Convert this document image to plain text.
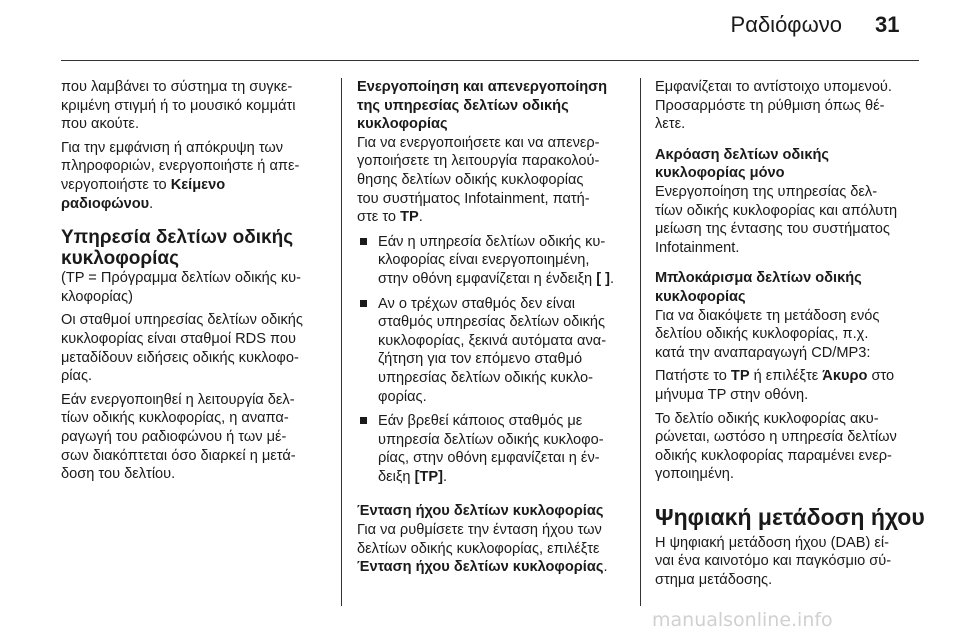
Ραδιόφωνο 31

που λαμβάνει το σύστημα τη συγκε-
κριμένη στιγμή ή το μουσικό κομμάτι
που ακούτε.

Για την εμφάνιση ή απόκρυψη των
πληροφοριών, ενεργοποιήστε ή απε-
νεργοποιήστε το Κείμενο
ραδιοφώνου.

Υπηρεσία δελτίων οδικής
κυκλοφορίας

(TP = Πρόγραμμα δελτίων οδικής κυ-
κλοφορίας)

Οι σταθμοί υπηρεσίας δελτίων οδικής
κυκλοφορίας είναι σταθμοί RDS που
μεταδίδουν ειδήσεις οδικής κυκλοφο-
ρίας.

Εάν ενεργοποιηθεί η λειτουργία δελ-
τίων οδικής κυκλοφορίας, η αναπα-
ραγωγή του ραδιοφώνου ή των μέ-
σων διακόπτεται όσο διαρκεί η μετά-
δοση του δελτίου.

Ενεργοποίηση και απενεργοποίηση
της υπηρεσίας δελτίων οδικής
κυκλοφορίας

Για να ενεργοποιήσετε και να απενερ-
γοποιήσετε τη λειτουργία παρακολού-
θησης δελτίων οδικής κυκλοφορίας
του συστήματος Infotainment, πατή-
στε το TP.

Εάν η υπηρεσία δελτίων οδικής κυ-
κλοφορίας είναι ενεργοποιημένη,
στην οθόνη εμφανίζεται η ένδειξη [ ].
Αν ο τρέχων σταθμός δεν είναι
σταθμός υπηρεσίας δελτίων οδικής
κυκλοφορίας, ξεκινά αυτόματα ανα-
ζήτηση για τον επόμενο σταθμό
υπηρεσίας δελτίων οδικής κυκλο-
φορίας.
Εάν βρεθεί κάποιος σταθμός με
υπηρεσία δελτίων οδικής κυκλοφο-
ρίας, στην οθόνη εμφανίζεται η έν-
δειξη [TP].
Ένταση ήχου δελτίων κυκλοφορίας

Για να ρυθμίσετε την ένταση ήχου των
δελτίων οδικής κυκλοφορίας, επιλέξτε
Ένταση ήχου δελτίων κυκλοφορίας.

Εμφανίζεται το αντίστοιχο υπομενού.
Προσαρμόστε τη ρύθμιση όπως θέ-
λετε.

Ακρόαση δελτίων οδικής
κυκλοφορίας μόνο

Ενεργοποίηση της υπηρεσίας δελ-
τίων οδικής κυκλοφορίας και απόλυτη
μείωση της έντασης του συστήματος
Infotainment.

Μπλοκάρισμα δελτίων οδικής
κυκλοφορίας

Για να διακόψετε τη μετάδοση ενός
δελτίου οδικής κυκλοφορίας, π.χ.
κατά την αναπαραγωγή CD/MP3:

Πατήστε το TP ή επιλέξτε Άκυρο στο
μήνυμα TP στην οθόνη.

Το δελτίο οδικής κυκλοφορίας ακυ-
ρώνεται, ωστόσο η υπηρεσία δελτίων
οδικής κυκλοφορίας παραμένει ενερ-
γοποιημένη.

Ψηφιακή μετάδοση ήχου

Η ψηφιακή μετάδοση ήχου (DAB) εί-
ναι ένα καινοτόμο και παγκόσμιο σύ-
στημα μετάδοσης.

manualsonline.info
